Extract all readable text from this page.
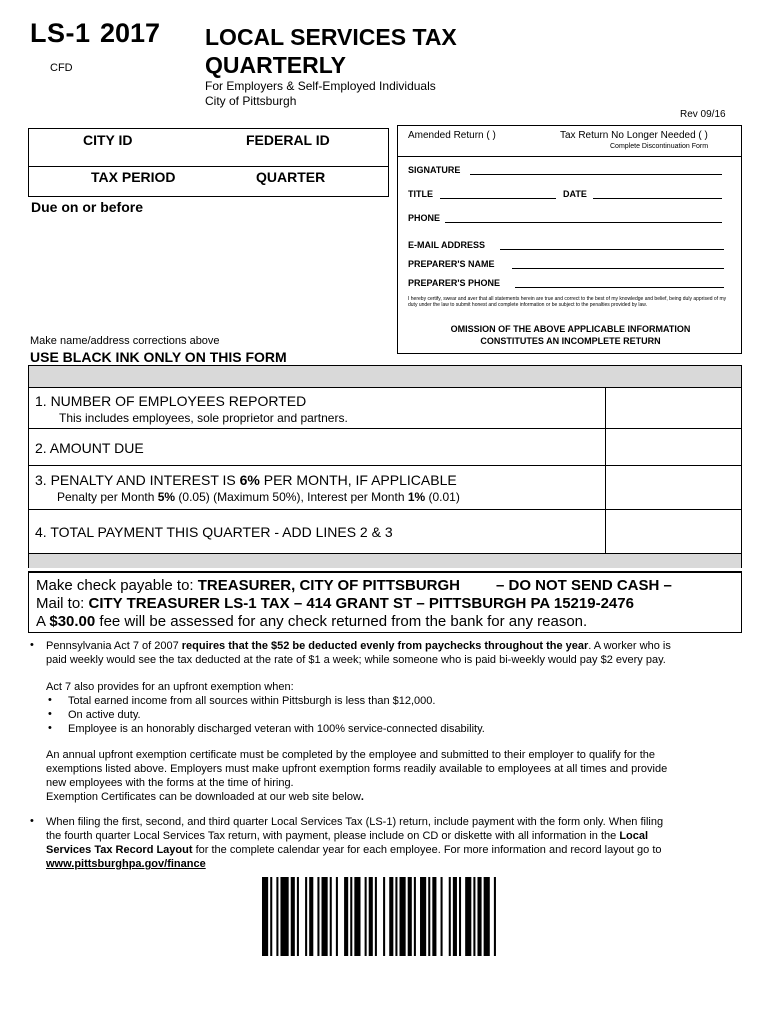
LS-1 2017
CFD
LOCAL SERVICES TAX
QUARTERLY
For Employers & Self-Employed Individuals
City of Pittsburgh
Rev 09/16
CITY ID	FEDERAL ID
TAX PERIOD	QUARTER
Due on or before
Make name/address corrections above
USE BLACK INK ONLY ON THIS FORM
Amended Return ( )	Tax Return No Longer Needed ( )
Complete Discontinuation Form
SIGNATURE
TITLE	DATE
PHONE
E-MAIL ADDRESS
PREPARER'S NAME
PREPARER'S PHONE
I hereby certify, swear and aver that all statements herein are true and correct to the best of my knowledge and belief, being duly apprised of my duty under the law to submit honest and complete information or be subject to the penalties provided by law.
OMISSION OF THE ABOVE APPLICABLE INFORMATION
CONSTITUTES AN INCOMPLETE RETURN
1. NUMBER OF EMPLOYEES REPORTED
This includes employees, sole proprietor and partners.
2. AMOUNT DUE
3. PENALTY AND INTEREST IS 6% PER MONTH, IF APPLICABLE
Penalty per Month 5% (0.05) (Maximum 50%), Interest per Month 1% (0.01)
4. TOTAL PAYMENT THIS QUARTER - ADD LINES 2 & 3
Make check payable to: TREASURER, CITY OF PITTSBURGH – DO NOT SEND CASH –
Mail to: CITY TREASURER LS-1 TAX – 414 GRANT ST – PITTSBURGH PA 15219-2476
A $30.00 fee will be assessed for any check returned from the bank for any reason.
• Pennsylvania Act 7 of 2007 requires that the $52 be deducted evenly from paychecks throughout the year. A worker who is
paid weekly would see the tax deducted at the rate of $1 a week; while someone who is paid bi-weekly would pay $2 every pay.
Act 7 also provides for an upfront exemption when:
• Total earned income from all sources within Pittsburgh is less than $12,000.
• On active duty.
• Employee is an honorably discharged veteran with 100% service-connected disability.
An annual upfront exemption certificate must be completed by the employee and submitted to their employer to qualify for the
exemptions listed above. Employers must make upfront exemption forms readily available to employees at all times and provide
new employees with the forms at the time of hiring.
Exemption Certificates can be downloaded at our web site below.
• When filing the first, second, and third quarter Local Services Tax (LS-1) return, include payment with the form only. When filing
the fourth quarter Local Services Tax return, with payment, please include on CD or diskette with all information in the Local
Services Tax Record Layout for the complete calendar year for each employee. For more information and record layout go to
www.pittsburghpa.gov/finance
